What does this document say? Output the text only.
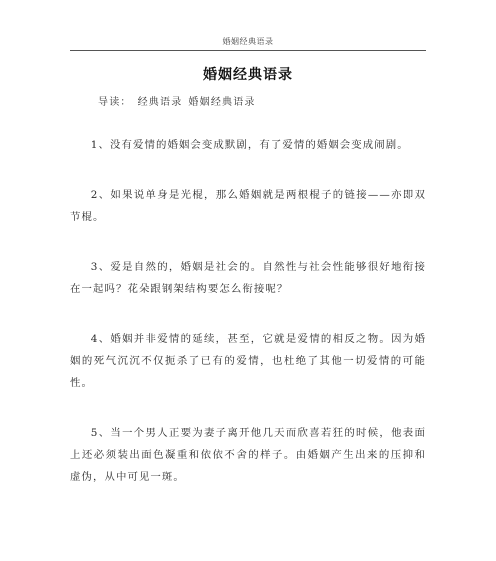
婚姻经典语录
婚姻经典语录
导读： 经典语录 婚姻经典语录

1、没有爱情的婚姻会变成默剧，有了爱情的婚姻会变成闹剧。

2、如果说单身是光棍，那么婚姻就是两根棍子的链接——亦即双节棍。

3、爱是自然的，婚姻是社会的。自然性与社会性能够很好地衔接在一起吗？花朵跟钢架结构要怎么衔接呢？

4、婚姻并非爱情的延续，甚至，它就是爱情的相反之物。因为婚姻的死气沉沉不仅扼杀了已有的爱情，也杜绝了其他一切爱情的可能性。

5、当一个男人正要为妻子离开他几天而欣喜若狂的时候，他表面上还必须装出面色凝重和依依不舍的样子。由婚姻产生出来的压抑和虚伪，从中可见一斑。
